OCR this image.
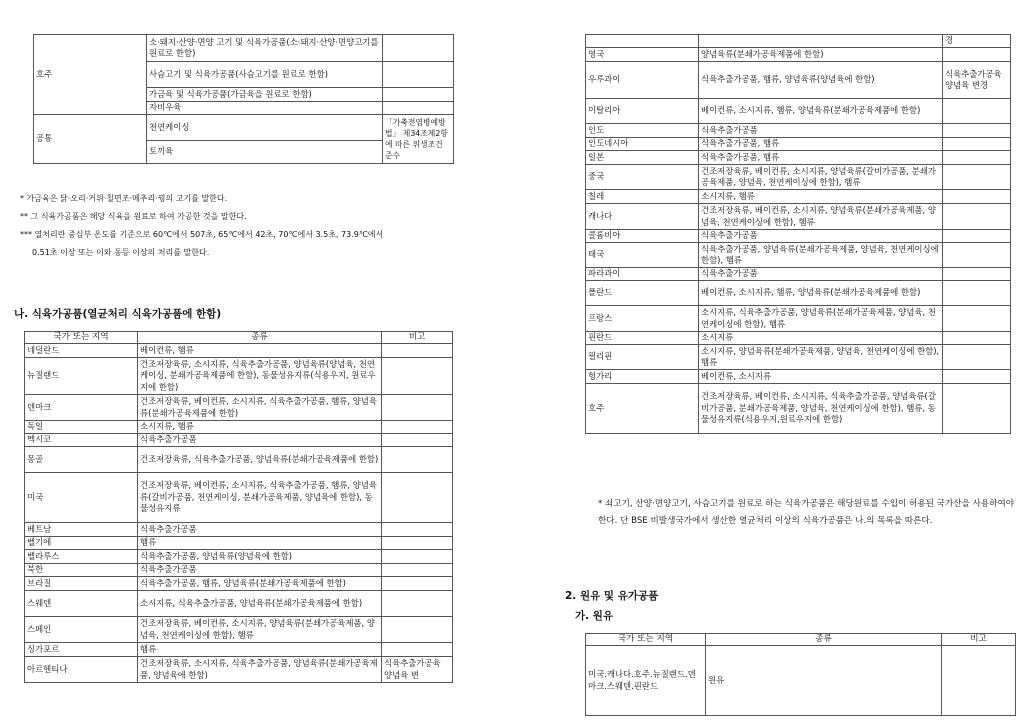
호주	소·돼지·산양·면양 고기 및 식육가공품(소·돼지·산양·면양고기를 원료로 한함)	
	사슴고기 및 식육가공품(사슴고기를 원료로 한함)	
	가금육 및 식육가공품(가금육을 원료로 한함)	
	자비우육	
공통	천연케이싱	「가축전염병예방법」 제34조제2항에 따른 위생조건 준수
	토끼육	
* 가금육은 닭·오리·거위·칠면조·메추리·꿩의 고기를 말한다.
** 그 식육가공품은 해당 식육을 원료로 하여 가공한 것을 말한다.
*** 열처리란 중심부 온도를 기준으로 60℃에서 507초, 65℃에서 42초, 70℃에서 3.5초, 73.9℃에서
0.51초 이상 또는 이와 동등 이상의 처리를 말한다.
나. 식육가공품(열균처리 식육가공품에 한함)
국가 또는 지역	종류	비고
네덜란드	베이컨류, 햄류	
뉴질랜드	건조저장육류, 소시지류, 식육추출가공품, 양념육류(양념육, 천연케이싱, 분쇄가공육제품에 한함), 동물성유지류(식용우지, 원료우지에 한함)	
덴마크	건조저장육류, 베이컨류, 소시지류, 식육추출가공품, 햄류, 양념육류(분쇄가공육제품에 한함)	
독일	소시지류, 햄류	
멕시코	식육추출가공품	
몽골	건조저장육류, 식육추출가공품, 양념육류(분쇄가공육제품에 한함)	
미국	건조저장육류, 베이컨류, 소시지류, 식육추출가공품, 햄류, 양념육류(갈비가공품, 천연케이싱, 분쇄가공육제품, 양념육에 한함), 동물성유지류	
베트남	식육추출가공품	
벨기에	햄류	
벨라루스	식육추출가공품, 양념육류(양념육에 한함)	
북한	식육추출가공품	
브라질	식육추출가공품, 햄류, 양념육류(분쇄가공육제품에 한함)	
스웨덴	소시지류, 식육추출가공품, 양념육류(분쇄가공육제품에 한함)	
스페인	건조저장육류, 베이컨류, 소시지류, 양념육류(분쇄가공육제품, 양념육, 천연케이싱에 한함), 햄류	
싱가포르	햄류	
아르헨티나	건조저장육류, 소시지류, 식육추출가공품, 양념육류(분쇄가공육제품, 양념육에 한함)	식육추출가공육 양념육 변
		경
영국	양념육류(분쇄가공육제품에 한함)	
우루과이	식육추출가공품, 햄류, 양념육류(양념육에 한함)	식육추출가공육 양념육 변경
이탈리아	베이컨류, 소시지류, 햄류, 양념육류(분쇄가공육제품에 한함)	
인도	식육추출가공품	
인도네시아	식육추출가공품, 햄류	
일본	식육추출가공품, 햄류	
중국	건조저장육류, 베이컨류, 소시지류, 양념육류(갈비가공품, 분쇄가공육제품, 양념육, 천연케이싱에 한함), 햄류	
칠레	소시지류, 햄류	
캐나다	건조저장육류, 베이컨류, 소시지류, 양념육류(분쇄가공육제품, 양념육, 천연케이싱에 한함), 햄류	
콜롬비아	식육추출가공품	
태국	식육추출가공품, 양념육류(분쇄가공육제품, 양념육, 천연케이싱에 한함), 햄류	
파라과이	식육추출가공품	
폴란드	베이컨류, 소시지류, 햄류, 양념육류(분쇄가공육제품에 한함)	
프랑스	소시지류, 식육추출가공품, 양념육류(분쇄가공육제품, 양념육, 천연케이싱에 한함), 햄류	
핀란드	소시지류	
필리핀	소시지류, 양념육류(분쇄가공육제품, 양념육, 천연케이싱에 한함), 햄류	
헝가리	베이컨류, 소시지류	
호주	건조저장육류, 베이컨류, 소시지류, 식육추출가공품, 양념육류(갈비가공품, 분쇄가공육제품, 양념육, 천연케이싱에 한함), 햄류, 동물성유지류(식용우지,원료우지에 한함)	
* 쇠고기, 산양·면양고기, 사슴고기를 원료로 하는 식육가공품은 해당원료를 수입이 허용된 국가산을 사용하여야 한다. 단 BSE 비발생국가에서 생산한 열균처리 이상의 식육가공품은 나.의 목록을 따른다.
2. 원유 및 유가공품
가. 원유
국가 또는 지역	종류	비고
미국.캐나다.호주.뉴질랜드.덴마크.스웨덴.핀란드	원유	
